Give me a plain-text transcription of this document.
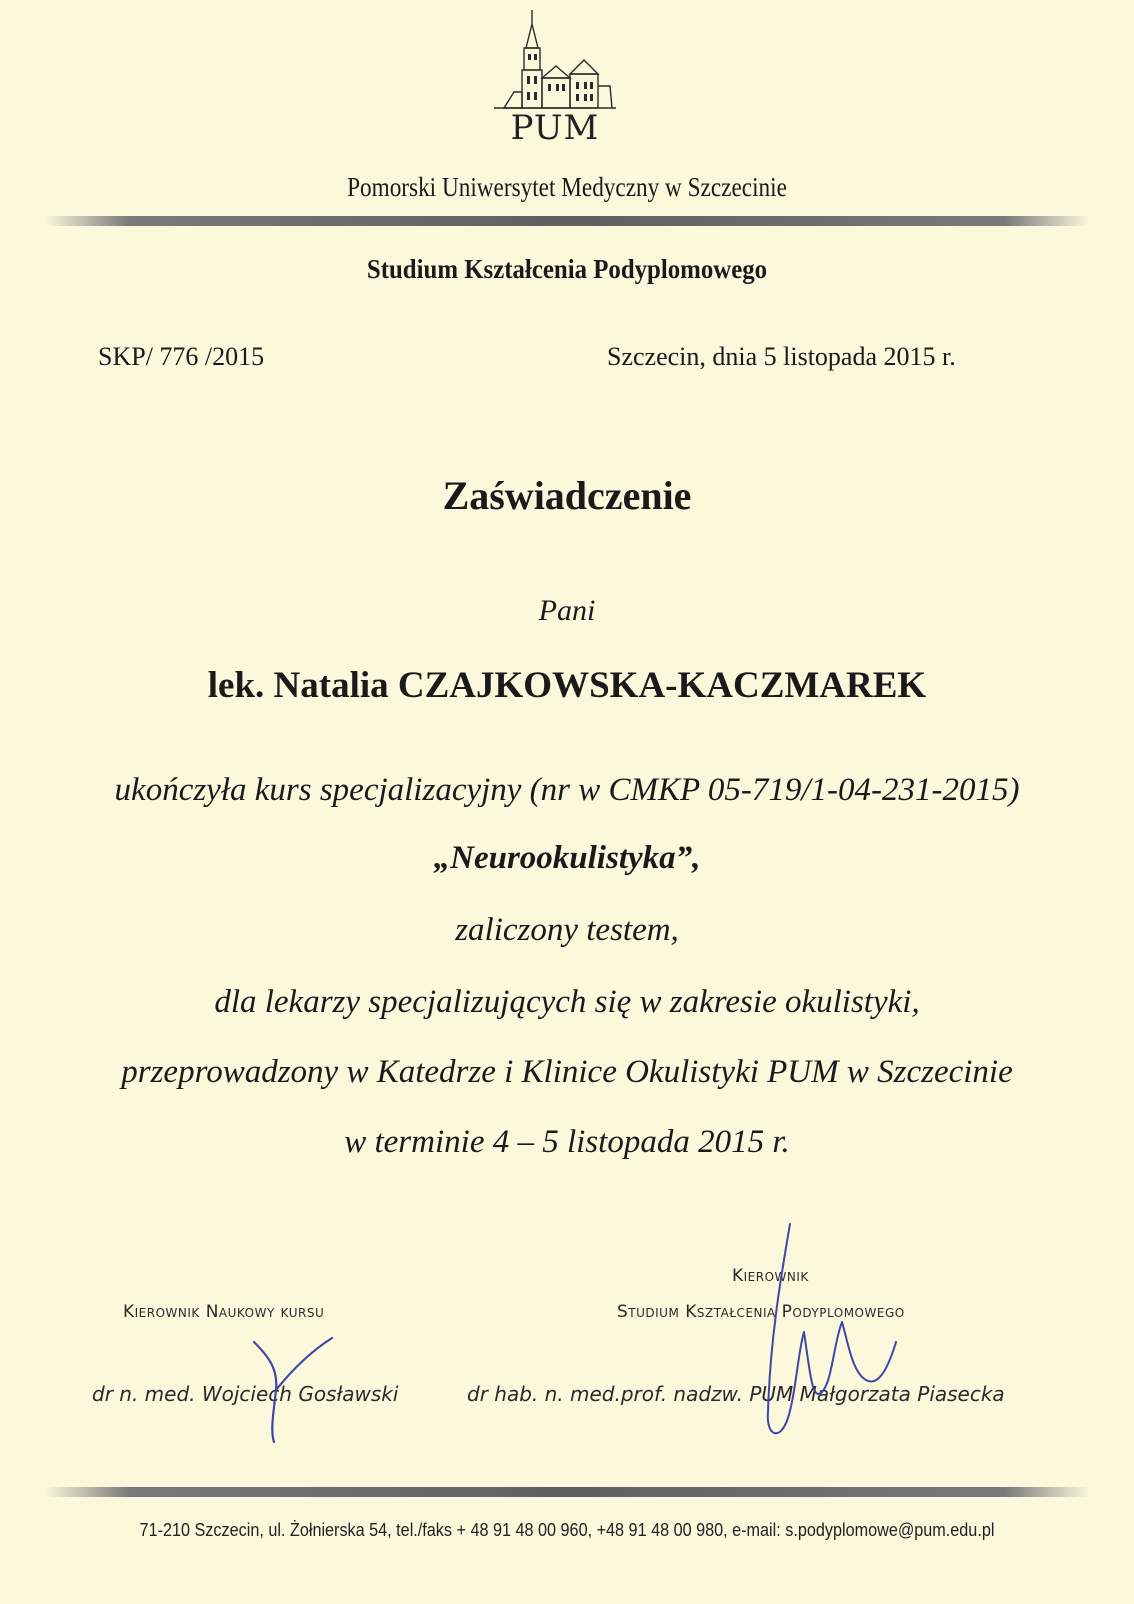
PUM
Pomorski Uniwersytet Medyczny w Szczecinie
Studium Kształcenia Podyplomowego
SKP/ 776 /2015	Szczecin, dnia 5 listopada 2015 r.
Zaświadczenie
Pani
lek. Natalia CZAJKOWSKA-KACZMAREK
ukończyła kurs specjalizacyjny (nr w CMKP 05-719/1-04-231-2015)
„Neurookulistyka”,
zaliczony testem,
dla lekarzy specjalizujących się w zakresie okulistyki,
przeprowadzony w Katedrze i Klinice Okulistyki PUM w Szczecinie
w terminie 4 – 5 listopada 2015 r.
Kierownik Naukowy kursu
Kierownik
Studium Kształcenia Podyplomowego
dr n. med. Wojciech Gosławski	dr hab. n. med.prof. nadzw. PUM Małgorzata Piasecka
71-210 Szczecin, ul. Żołnierska 54, tel./faks + 48 91 48 00 960, +48 91 48 00 980, e-mail: s.podyplomowe@pum.edu.pl
